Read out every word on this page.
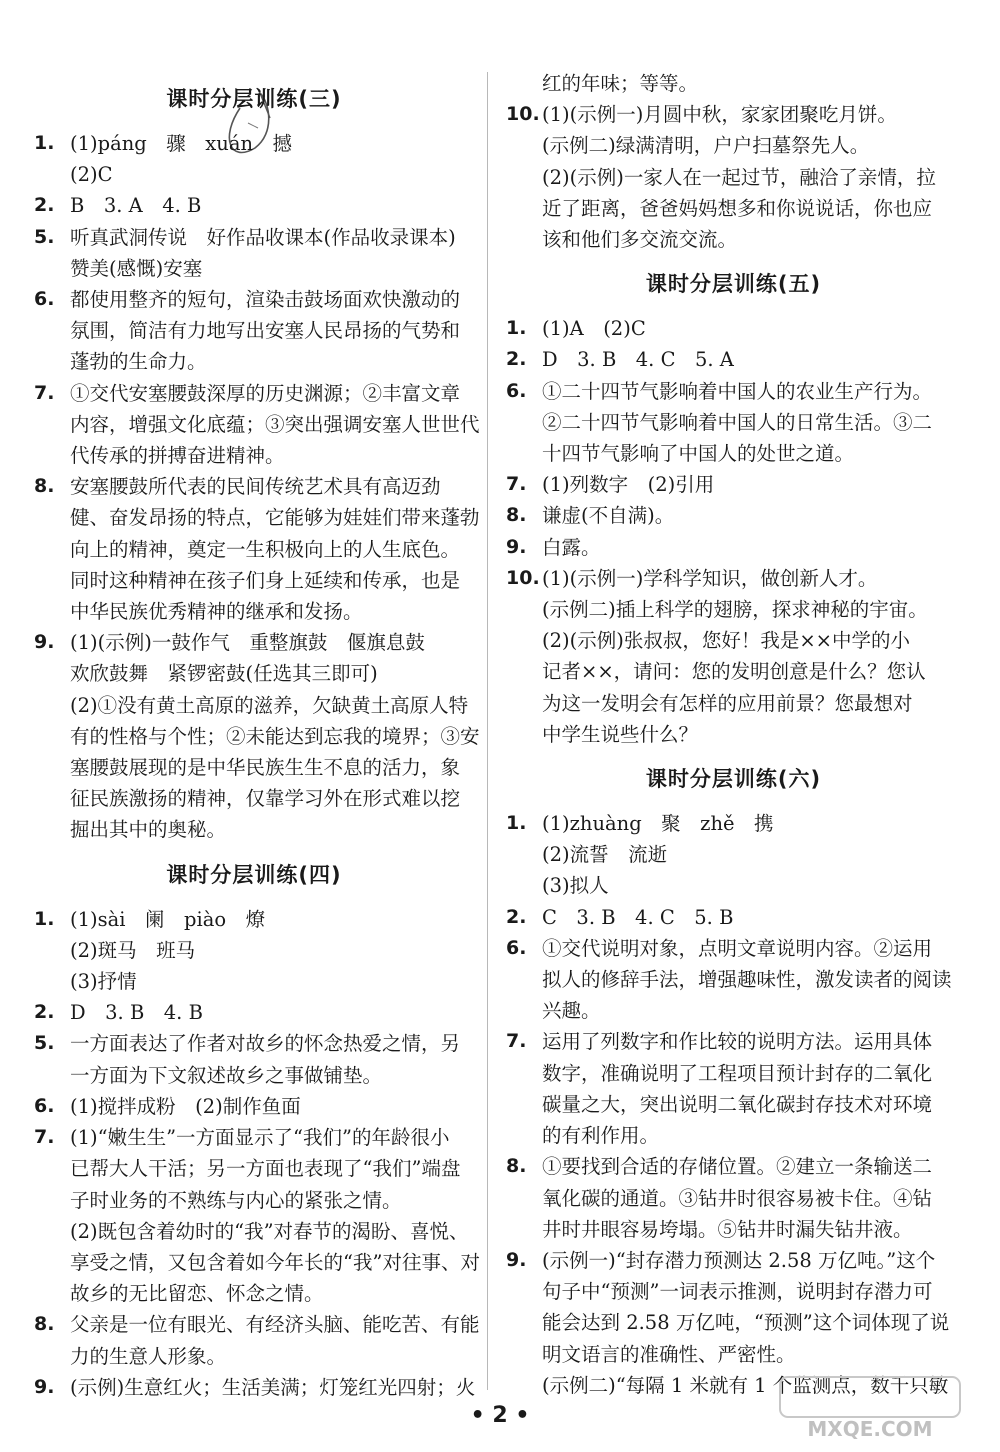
课时分层训练(三)
1. (1)páng　骤　xuán　撼
(2)C
2. B　3. A　4. B
5. 听真武洞传说　好作品收课本(作品收录课本)
赞美(感慨)安塞
6. 都使用整齐的短句，渲染击鼓场面欢快激动的
氛围，简洁有力地写出安塞人民昂扬的气势和
蓬勃的生命力。
7. ①交代安塞腰鼓深厚的历史渊源；②丰富文章
内容，增强文化底蕴；③突出强调安塞人世世代
代传承的拼搏奋进精神。
8. 安塞腰鼓所代表的民间传统艺术具有高迈劲
健、奋发昂扬的特点，它能够为娃娃们带来蓬勃
向上的精神，奠定一生积极向上的人生底色。
同时这种精神在孩子们身上延续和传承，也是
中华民族优秀精神的继承和发扬。
9. (1)(示例)一鼓作气　重整旗鼓　偃旗息鼓
欢欣鼓舞　紧锣密鼓(任选其三即可)
(2)①没有黄土高原的滋养，欠缺黄土高原人特
有的性格与个性；②未能达到忘我的境界；③安
塞腰鼓展现的是中华民族生生不息的活力，象
征民族激扬的精神，仅靠学习外在形式难以挖
掘出其中的奥秘。
课时分层训练(四)
1. (1)sài　阑　piào　燎
(2)斑马　班马
(3)抒情
2. D　3. B　4. B
5. 一方面表达了作者对故乡的怀念热爱之情，另
一方面为下文叙述故乡之事做铺垫。
6. (1)搅拌成粉　(2)制作鱼面
7. (1)“嫩生生”一方面显示了“我们”的年龄很小
已帮大人干活；另一方面也表现了“我们”端盘
子时业务的不熟练与内心的紧张之情。
(2)既包含着幼时的“我”对春节的渴盼、喜悦、
享受之情，又包含着如今年长的“我”对往事、对
故乡的无比留恋、怀念之情。
8. 父亲是一位有眼光、有经济头脑、能吃苦、有能
力的生意人形象。
9. (示例)生意红火；生活美满；灯笼红光四射；火
红的年味；等等。
10. (1)(示例一)月圆中秋，家家团聚吃月饼。
(示例二)绿满清明，户户扫墓祭先人。
(2)(示例)一家人在一起过节，融洽了亲情，拉
近了距离，爸爸妈妈想多和你说说话，你也应
该和他们多交流交流。
课时分层训练(五)
1. (1)A　(2)C
2. D　3. B　4. C　5. A
6. ①二十四节气影响着中国人的农业生产行为。
②二十四节气影响着中国人的日常生活。③二
十四节气影响了中国人的处世之道。
7. (1)列数字　(2)引用
8. 谦虚(不自满)。
9. 白露。
10. (1)(示例一)学科学知识，做创新人才。
(示例二)插上科学的翅膀，探求神秘的宇宙。
(2)(示例)张叔叔，您好！我是××中学的小
记者××，请问：您的发明创意是什么？您认
为这一发明会有怎样的应用前景？您最想对
中学生说些什么？
课时分层训练(六)
1. (1)zhuàng　聚　zhě　携
(2)流誓　流逝
(3)拟人
2. C　3. B　4. C　5. B
6. ①交代说明对象，点明文章说明内容。②运用
拟人的修辞手法，增强趣味性，激发读者的阅读
兴趣。
7. 运用了列数字和作比较的说明方法。运用具体
数字，准确说明了工程项目预计封存的二氧化
碳量之大，突出说明二氧化碳封存技术对环境
的有利作用。
8. ①要找到合适的存储位置。②建立一条输送二
氧化碳的通道。③钻井时很容易被卡住。④钻
井时井眼容易垮塌。⑤钻井时漏失钻井液。
9. (示例一)“封存潜力预测达 2.58 万亿吨。”这个
句子中“预测”一词表示推测，说明封存潜力可
能会达到 2.58 万亿吨，“预测”这个词体现了说
明文语言的准确性、严密性。
(示例二)“每隔 1 米就有 1 个监测点，数千只敏
• 2 •
MXQE.COM
